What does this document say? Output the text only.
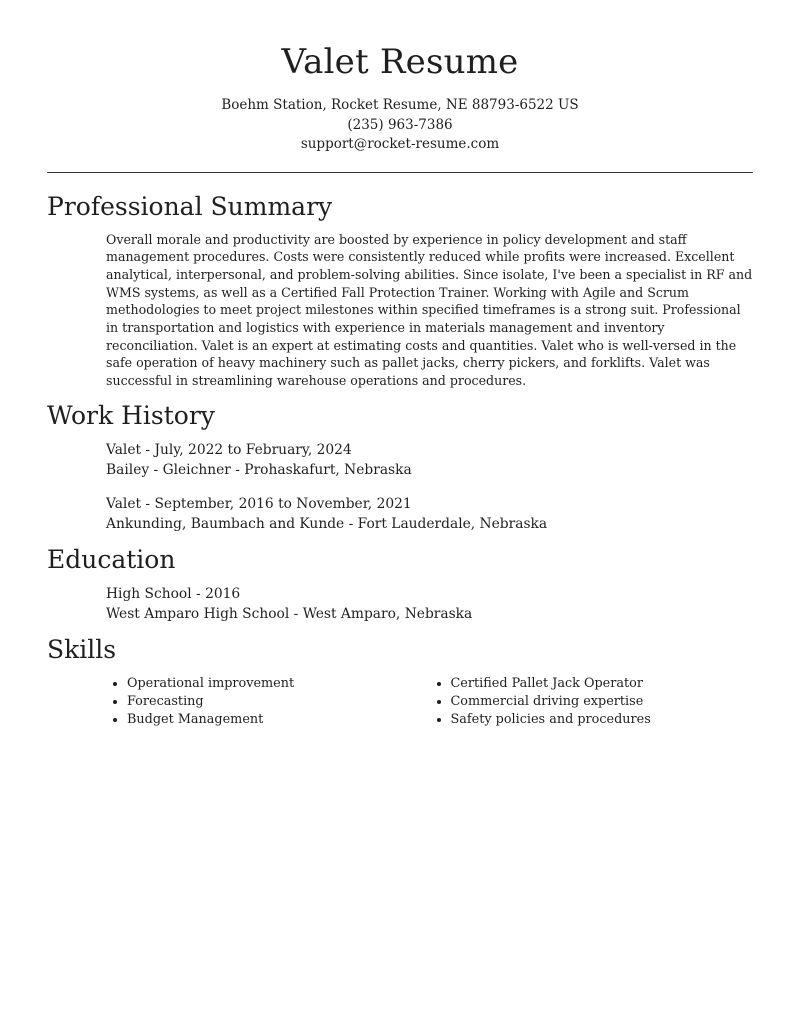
Valet Resume
Boehm Station, Rocket Resume, NE 88793-6522 US
(235) 963-7386
support@rocket-resume.com
Professional Summary

Overall morale and productivity are boosted by experience in policy development and staff management procedures. Costs were consistently reduced while profits were increased. Excellent analytical, interpersonal, and problem-solving abilities. Since isolate, I've been a specialist in RF and WMS systems, as well as a Certified Fall Protection Trainer. Working with Agile and Scrum methodologies to meet project milestones within specified timeframes is a strong suit. Professional in transportation and logistics with experience in materials management and inventory reconciliation. Valet is an expert at estimating costs and quantities. Valet who is well-versed in the safe operation of heavy machinery such as pallet jacks, cherry pickers, and forklifts. Valet was successful in streamlining warehouse operations and procedures.

Work History
Valet - July, 2022 to February, 2024
Bailey - Gleichner - Prohaskafurt, Nebraska
Valet - September, 2016 to November, 2021
Ankunding, Baumbach and Kunde - Fort Lauderdale, Nebraska
Education
High School - 2016
West Amparo High School - West Amparo, Nebraska
Skills
• Operational improvement
• Forecasting
• Budget Management
• Certified Pallet Jack Operator
• Commercial driving expertise
• Safety policies and procedures
